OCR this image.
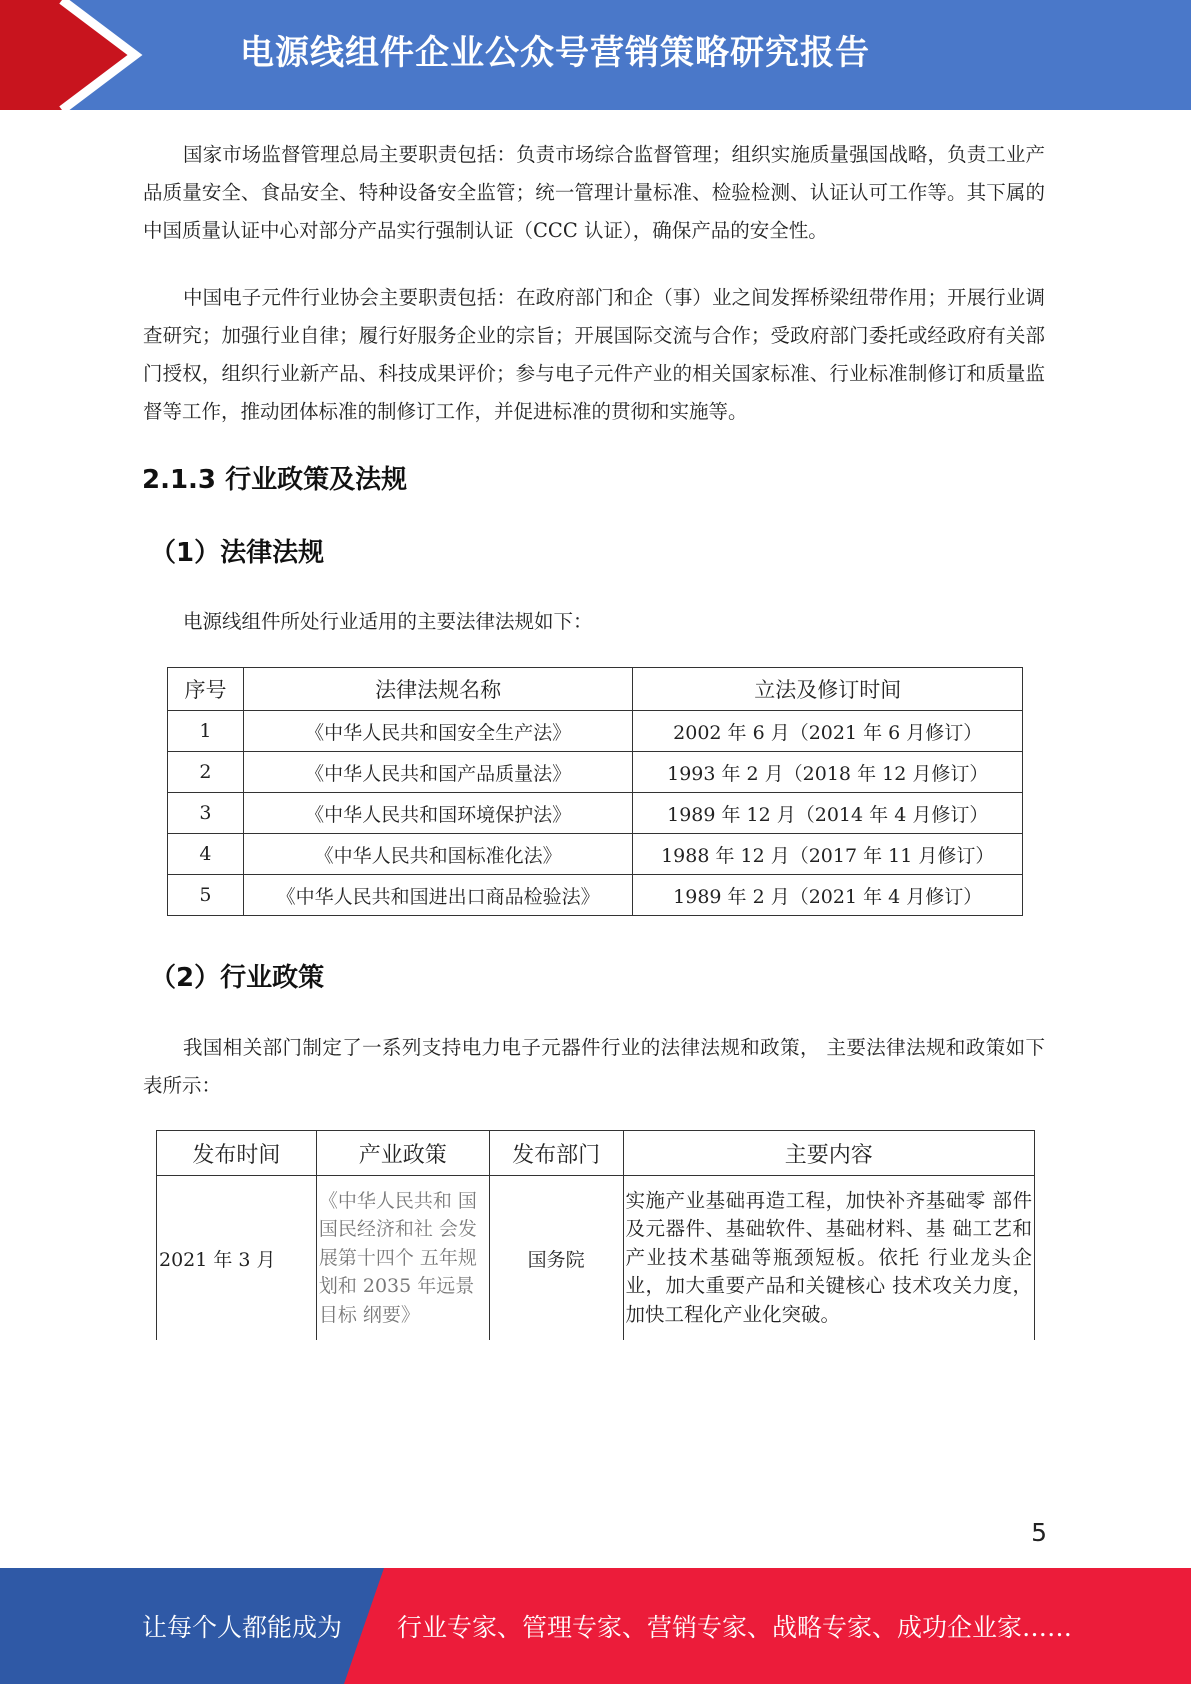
电源线组件企业公众号营销策略研究报告

国家市场监督管理总局主要职责包括：负责市场综合监督管理；组织实施质量强国战略，负责工业产品质量安全、食品安全、特种设备安全监管；统一管理计量标准、检验检测、认证认可工作等。其下属的中国质量认证中心对部分产品实行强制认证（CCC 认证），确保产品的安全性。

中国电子元件行业协会主要职责包括：在政府部门和企（事）业之间发挥桥梁纽带作用；开展行业调查研究；加强行业自律；履行好服务企业的宗旨；开展国际交流与合作；受政府部门委托或经政府有关部门授权，组织行业新产品、科技成果评价；参与电子元件产业的相关国家标准、行业标准制修订和质量监督等工作，推动团体标准的制修订工作，并促进标准的贯彻和实施等。

2.1.3 行业政策及法规
（1）法律法规

电源线组件所处行业适用的主要法律法规如下：

序号	法律法规名称	立法及修订时间
1	《中华人民共和国安全生产法》	2002 年 6 月（2021 年 6 月修订）
2	《中华人民共和国产品质量法》	1993 年 2 月（2018 年 12 月修订）
3	《中华人民共和国环境保护法》	1989 年 12 月（2014 年 4 月修订）
4	《中华人民共和国标准化法》	1988 年 12 月（2017 年 11 月修订）
5	《中华人民共和国进出口商品检验法》	1989 年 2 月（2021 年 4 月修订）
（2）行业政策

我国相关部门制定了一系列支持电力电子元器件行业的法律法规和政策， 主要法律法规和政策如下表所示：

发布时间	产业政策	发布部门	主要内容
2021 年 3 月	《中华人民共和 国国民经济和社 会发展第十四个 五年规划和 2035 年远景目标 纲要》	国务院	实施产业基础再造工程，加快补齐基础零 部件及元器件、基础软件、基础材料、基 础工艺和产业技术基础等瓶颈短板。依托 行业龙头企业，加大重要产品和关键核心 技术攻关力度，加快工程化产业化突破。
5
让每个人都能成为 行业专家、管理专家、营销专家、战略专家、成功企业家……
